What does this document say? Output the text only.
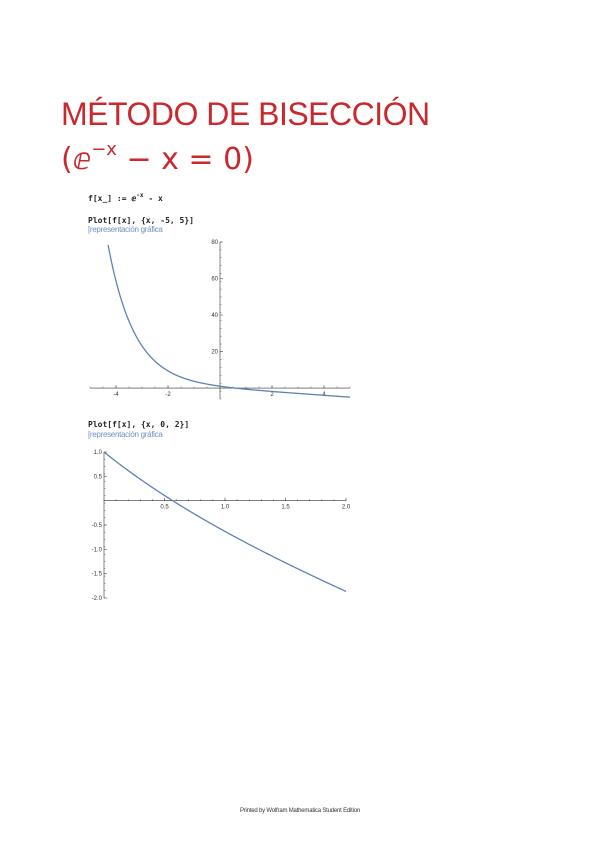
MÉTODO DE BISECCIÓN
(ⅇ$^{-x}$ − x = 0)
f[x_] := ⅇ$^{-x}$ - x
Plot[f[x], {x, -5, 5}]
[representación gráfica
Plot[f[x], {x, 0, 2}]
[representación gráfica
-4	-2	2	4
20
40
60
80
0.5	1.0	1.5	2.0
1.0
0.5
-0.5
-1.0
-1.5
-2.0
Printed by Wolfram Mathematica Student Edition
